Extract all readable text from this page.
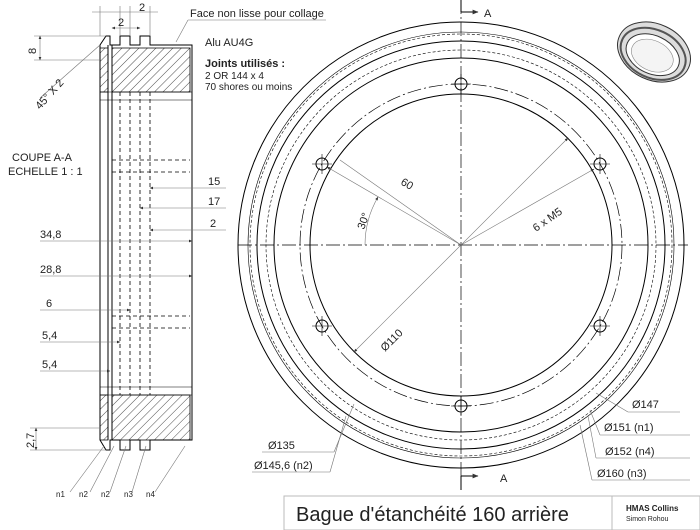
2
2	Face non lisse pour collage
8
45° X 2
COUPE A-A
ECHELLE 1 : 1
15
17
2
34,8
28,8
6
5,4
5,4
2,7
n1 n2 n2 n3 n4
Alu AU4G
Joints utilisés :
2 OR 144 x 4
70 shores ou moins
A
A
60
30°	6 x M5
Ø110
Ø147
Ø151 (n1)
Ø152 (n4)
Ø160 (n3)
Ø135
Ø145,6 (n2)
Bague d'étanchéité 160 arrière	HMAS Collins
Simon Rohou
